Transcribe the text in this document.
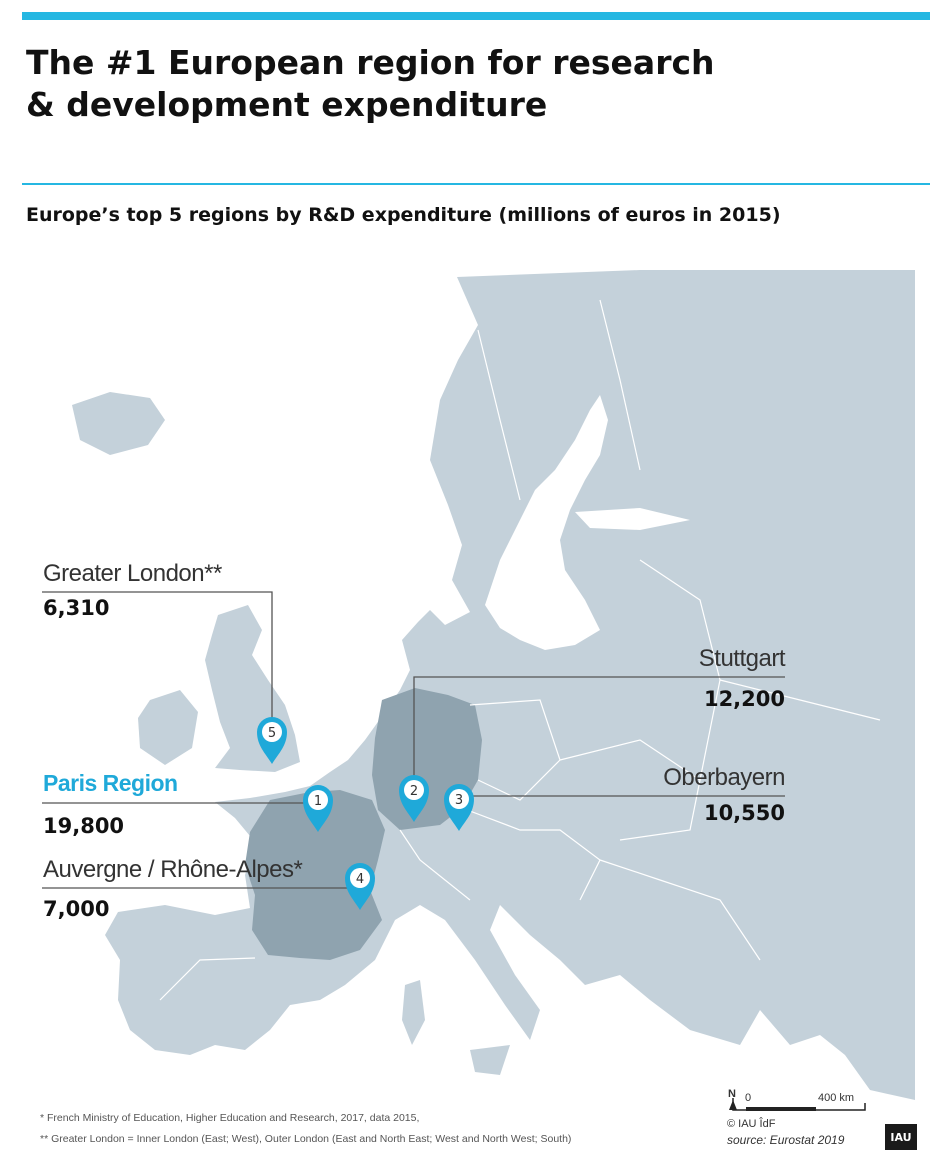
The #1 European region for research
& development expenditure

Europe’s top 5 regions by R&D expenditure (millions of euros in 2015)

1
2
3
4
5
Greater London**
6,310
Paris Region
19,800
Auvergne / Rhône-Alpes*
7,000
Stuttgart
12,200
Oberbayern
10,550
N 0	400 km
* French Ministry of Education, Higher Education and Research, 2017, data 2015,
** Greater London = Inner London (East; West), Outer London (East and North East; West and North West; South)
© IAU ÎdF
source: Eurostat 2019	IAU
